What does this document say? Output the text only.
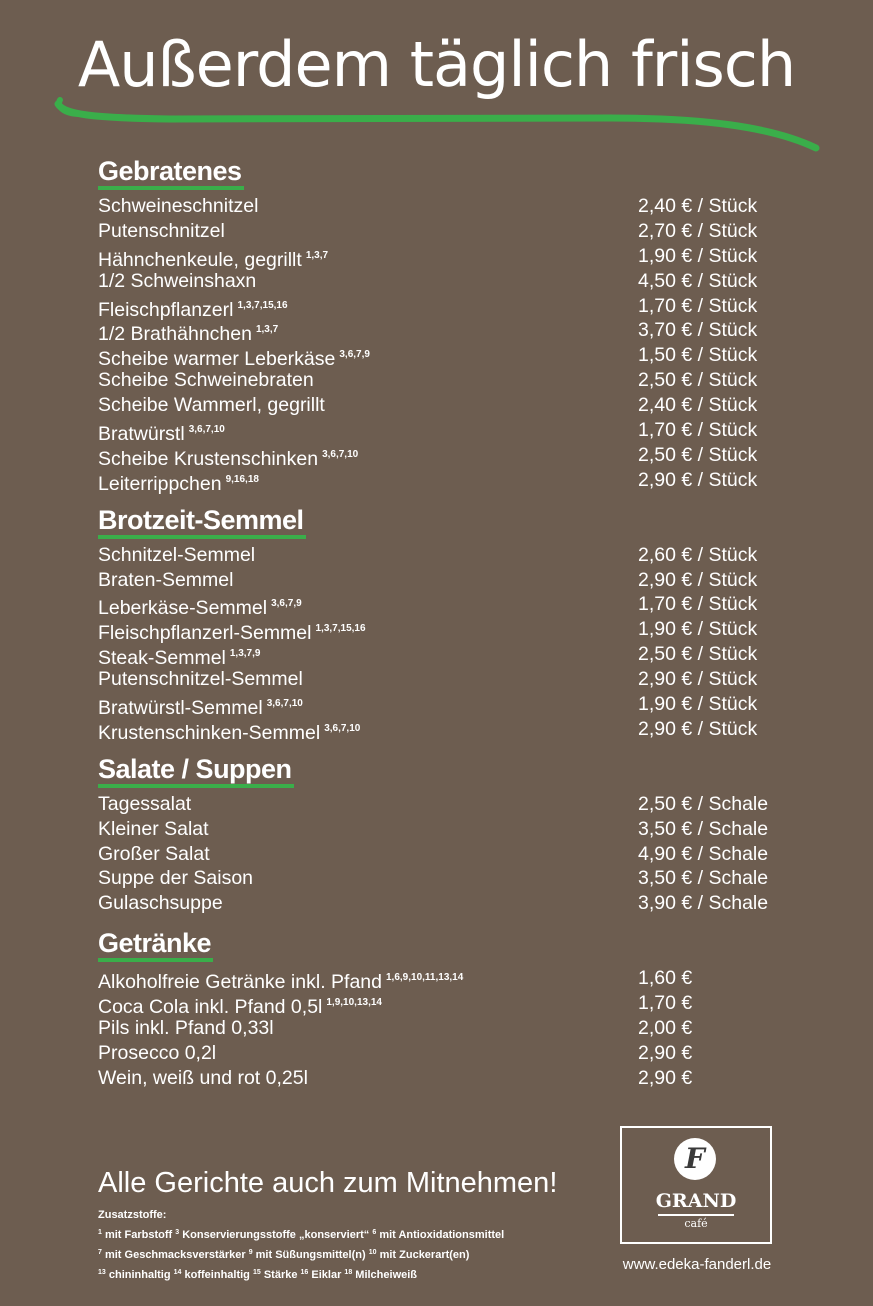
Außerdem täglich frisch
Gebratenes
Schweineschnitzel	2,40 € / Stück
Putenschnitzel	2,70 € / Stück
Hähnchenkeule, gegrillt $^{1,3,7}$	1,90 € / Stück
1/2 Schweinshaxn	4,50 € / Stück
Fleischpflanzerl $^{1,3,7,15,16}$	1,70 € / Stück
1/2 Brathähnchen $^{1,3,7}$	3,70 € / Stück
Scheibe warmer Leberkäse $^{3,6,7,9}$	1,50 € / Stück
Scheibe Schweinebraten	2,50 € / Stück
Scheibe Wammerl, gegrillt	2,40 € / Stück
Bratwürstl $^{3,6,7,10}$	1,70 € / Stück
Scheibe Krustenschinken $^{3,6,7,10}$	2,50 € / Stück
Leiterrippchen $^{9,16,18}$	2,90 € / Stück
Brotzeit-Semmel
Schnitzel-Semmel	2,60 € / Stück
Braten-Semmel	2,90 € / Stück
Leberkäse-Semmel $^{3,6,7,9}$	1,70 € / Stück
Fleischpflanzerl-Semmel $^{1,3,7,15,16}$	1,90 € / Stück
Steak-Semmel $^{1,3,7,9}$	2,50 € / Stück
Putenschnitzel-Semmel	2,90 € / Stück
Bratwürstl-Semmel $^{3,6,7,10}$	1,90 € / Stück
Krustenschinken-Semmel $^{3,6,7,10}$	2,90 € / Stück
Salate / Suppen
Tagessalat	2,50 € / Schale
Kleiner Salat	3,50 € / Schale
Großer Salat	4,90 € / Schale
Suppe der Saison	3,50 € / Schale
Gulaschsuppe	3,90 € / Schale
Getränke
Alkoholfreie Getränke inkl. Pfand $^{1,6,9,10,11,13,14}$	1,60 €
Coca Cola inkl. Pfand 0,5l $^{1,9,10,13,14}$	1,70 €
Pils inkl. Pfand 0,33l	2,00 €
Prosecco 0,2l	2,90 €
Wein, weiß und rot 0,25l	2,90 €
Alle Gerichte auch zum Mitnehmen!
Zusatzstoffe:
$^1$ mit Farbstoff $^3$ Konservierungsstoffe „konserviert“ $^6$ mit Antioxidationsmittel
$^7$ mit Geschmacksverstärker $^9$ mit Süßungsmittel(n) $^{10}$ mit Zuckerart(en)
$^{13}$ chininhaltig $^{14}$ koffeinhaltig $^{15}$ Stärke $^{16}$ Eiklar $^{18}$ Milcheiweiß
F
GRAND
café
www.edeka-fanderl.de
